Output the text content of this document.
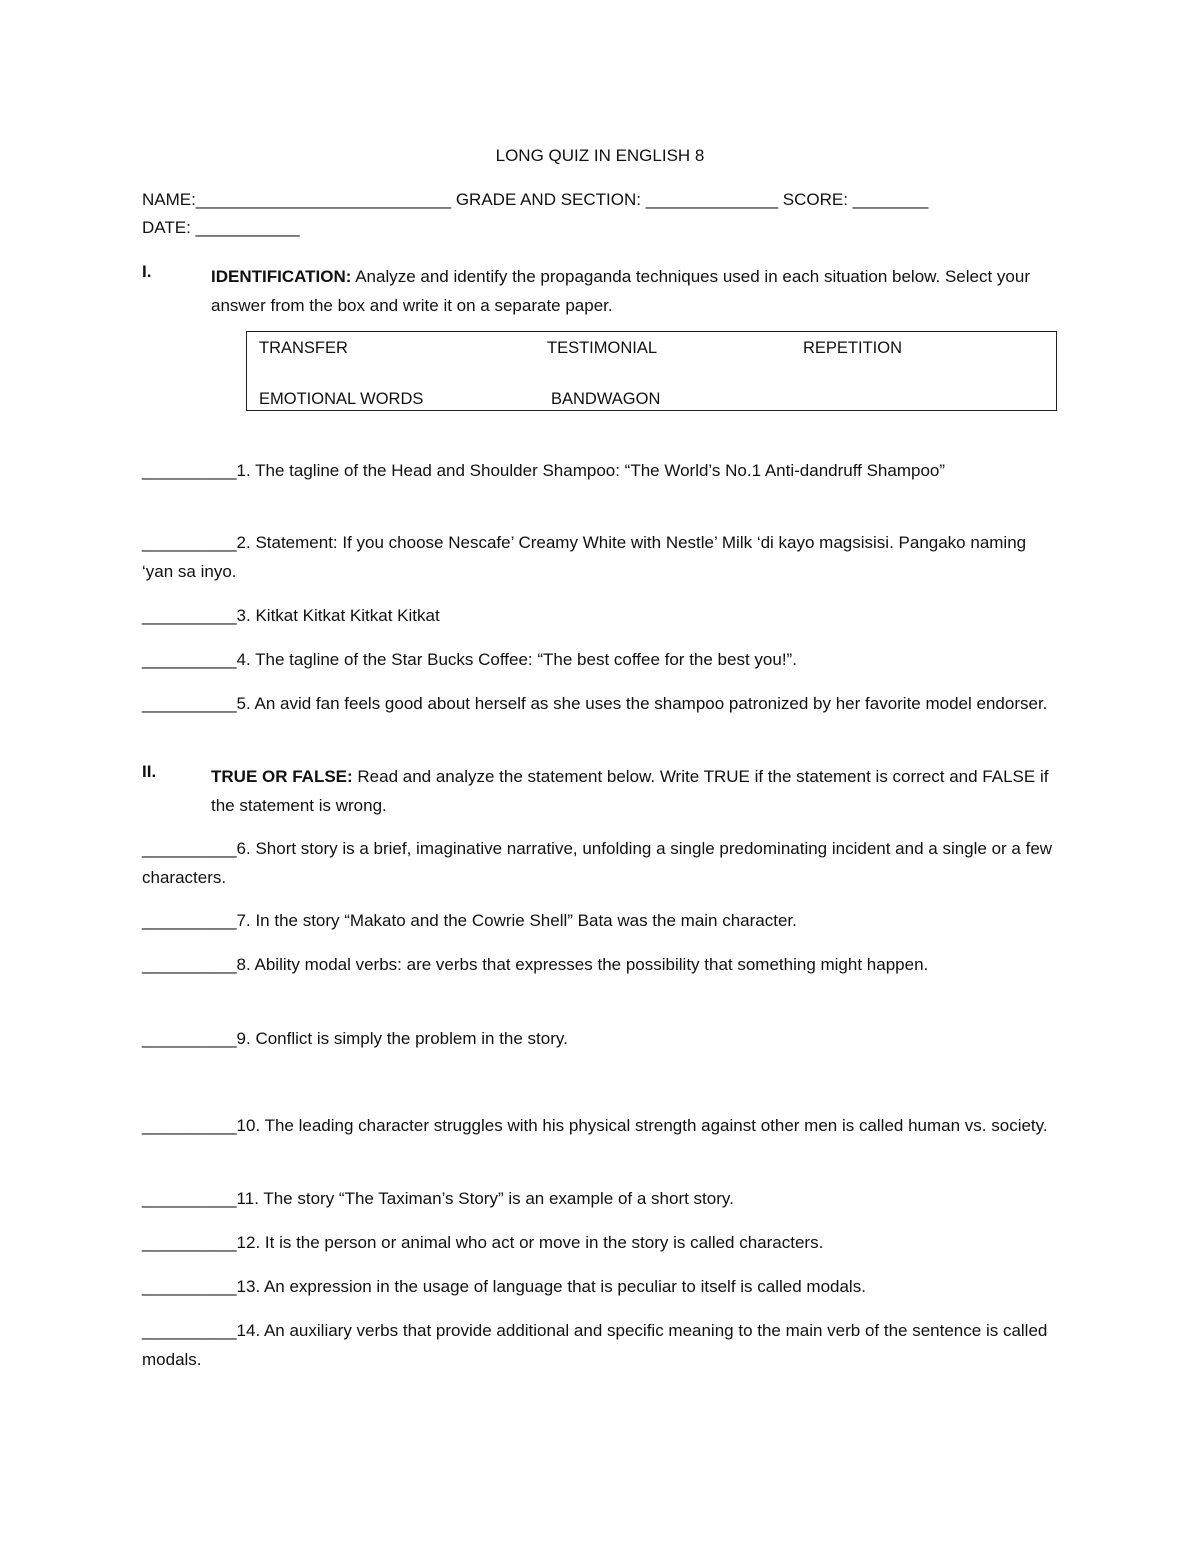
LONG QUIZ IN ENGLISH 8
NAME:___________________________ GRADE AND SECTION: ______________ SCORE: ________
DATE: ___________
I.	IDENTIFICATION: Analyze and identify the propaganda techniques used in each situation below. Select your answer from the box and write it on a separate paper.
TRANSFER	TESTIMONIAL	REPETITION
EMOTIONAL WORDS	BANDWAGON
__________1. The tagline of the Head and Shoulder Shampoo: “The World’s No.1 Anti-dandruff Shampoo”
__________2. Statement: If you choose Nescafe’ Creamy White with Nestle’ Milk ‘di kayo magsisisi. Pangako naming ‘yan sa inyo.
__________3. Kitkat Kitkat Kitkat Kitkat
__________4. The tagline of the Star Bucks Coffee: “The best coffee for the best you!”.
__________5. An avid fan feels good about herself as she uses the shampoo patronized by her favorite model endorser.
II.	TRUE OR FALSE: Read and analyze the statement below. Write TRUE if the statement is correct and FALSE if the statement is wrong.
__________6. Short story is a brief, imaginative narrative, unfolding a single predominating incident and a single or a few characters.
__________7. In the story “Makato and the Cowrie Shell” Bata was the main character.
__________8. Ability modal verbs: are verbs that expresses the possibility that something might happen.
__________9. Conflict is simply the problem in the story.
__________10. The leading character struggles with his physical strength against other men is called human vs. society.
__________11. The story “The Taximan’s Story” is an example of a short story.
__________12. It is the person or animal who act or move in the story is called characters.
__________13. An expression in the usage of language that is peculiar to itself is called modals.
__________14. An auxiliary verbs that provide additional and specific meaning to the main verb of the sentence is called modals.
